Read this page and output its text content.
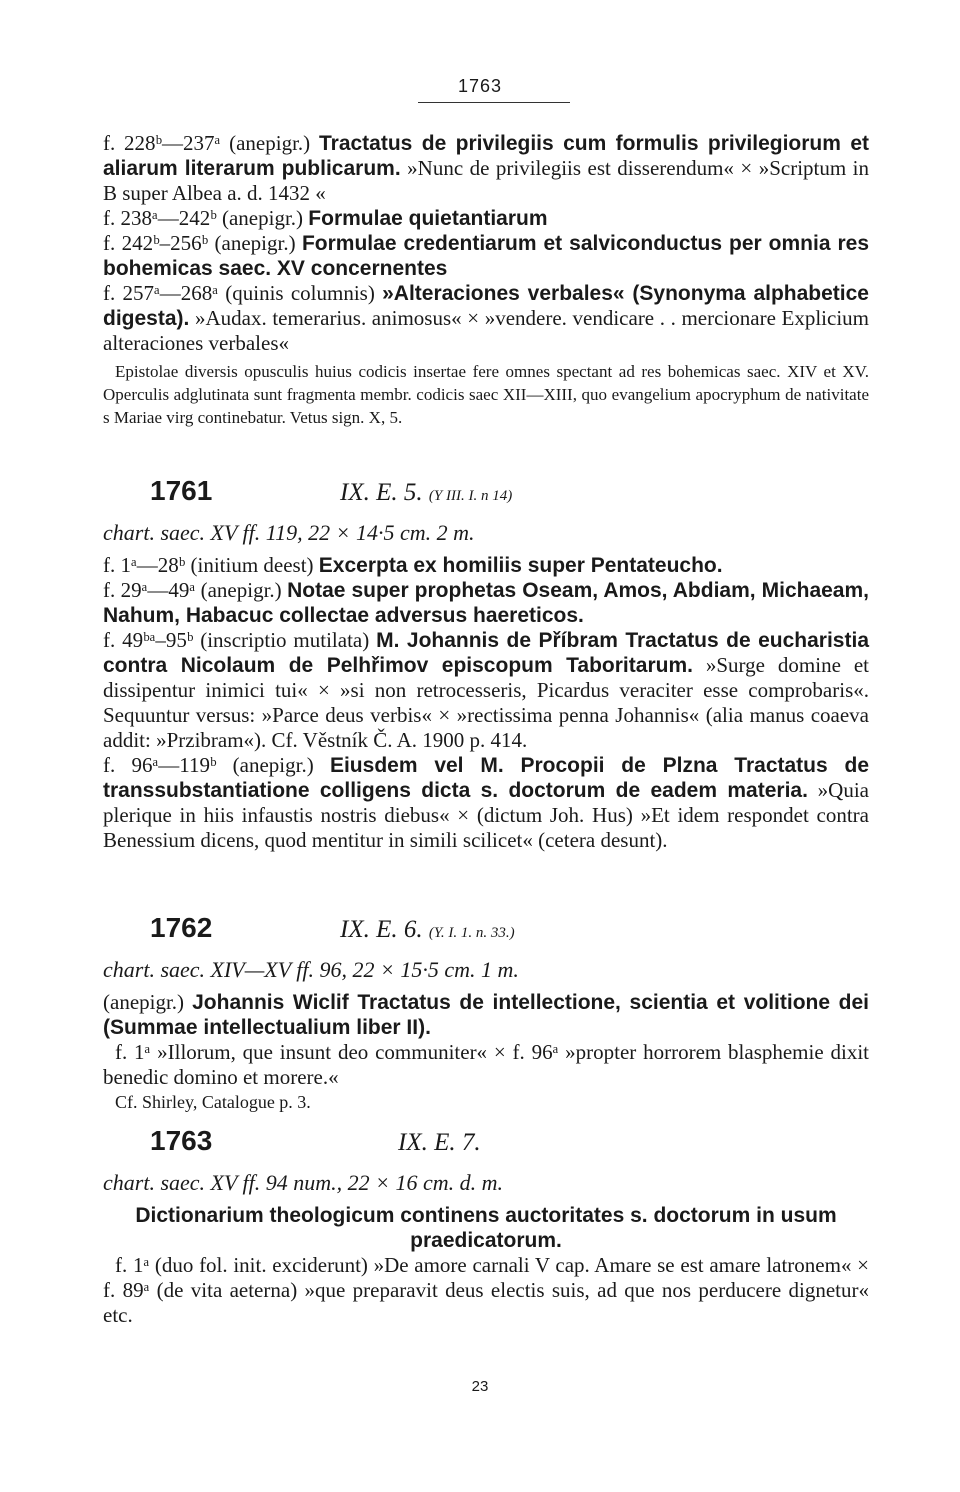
1763

f. 228ᵇ—237ᵃ (anepigr.) Tractatus de privilegiis cum formulis privilegiorum et aliarum literarum publicarum. »Nunc de privilegiis est disserendum« × »Scriptum in B super Albea a. d. 1432 «

f. 238ᵃ—242ᵇ (anepigr.) Formulae quietantiarum

f. 242ᵇ–256ᵇ (anepigr.) Formulae credentiarum et salviconductus per omnia res bohemicas saec. XV concernentes

f. 257ᵃ—268ᵃ (quinis columnis) »Alteraciones verbales« (Synonyma alphabetice digesta). »Audax. temerarius. animosus« × »vendere. vendicare . . mercionare Explicium alteraciones verbales«

Epistolae diversis opusculis huius codicis insertae fere omnes spectant ad res bohemicas saec. XIV et XV. Operculis adglutinata sunt fragmenta membr. codicis saec XII—XIII, quo evangelium apocryphum de nativitate s Mariae virg continebatur. Vetus sign. X, 5.

1761	IX. E. 5. (Y III. I. n 14)
chart. saec. XV ff. 119, 22 × 14·5 cm. 2 m.

f. 1ᵃ—28ᵇ (initium deest) Excerpta ex homiliis super Pentateucho.

f. 29ᵃ—49ᵃ (anepigr.) Notae super prophetas Oseam, Amos, Abdiam, Michaeam, Nahum, Habacuc collectae adversus haereticos.

f. 49ᵇᵃ–95ᵇ (inscriptio mutilata) M. Johannis de Příbram Tractatus de eucharistia contra Nicolaum de Pelhřimov episcopum Taboritarum. »Surge domine et dissipentur inimici tui« × »si non retrocesseris, Picardus veraciter esse comprobaris«. Sequuntur versus: »Parce deus verbis« × »rectissima penna Johannis« (alia manus coaeva addit: »Przibram«). Cf. Věstník Č. A. 1900 p. 414.

f. 96ᵃ—119ᵇ (anepigr.) Eiusdem vel M. Procopii de Plzna Tractatus de transsubstantiatione colligens dicta s. doctorum de eadem materia. »Quia plerique in hiis infaustis nostris diebus« × (dictum Joh. Hus) »Et idem respondet contra Benessium dicens, quod mentitur in simili scilicet« (cetera desunt).

1762	IX. E. 6. (Y. I. 1. n. 33.)
chart. saec. XIV—XV ff. 96, 22 × 15·5 cm. 1 m.

(anepigr.) Johannis Wiclif Tractatus de intellectione, scientia et volitione dei (Summae intellectualium liber II).

f. 1ᵃ »Illorum, que insunt deo communiter« × f. 96ᵃ »propter horrorem blasphemie dixit benedic domino et morere.«

Cf. Shirley, Catalogue p. 3.

1763	IX. E. 7.
chart. saec. XV ff. 94 num., 22 × 16 cm. d. m.

Dictionarium theologicum continens auctoritates s. doctorum in usum praedicatorum.

f. 1ᵃ (duo fol. init. exciderunt) »De amore carnali V cap. Amare se est amare latronem« × f. 89ᵃ (de vita aeterna) »que preparavit deus electis suis, ad que nos perducere dignetur« etc.

23
